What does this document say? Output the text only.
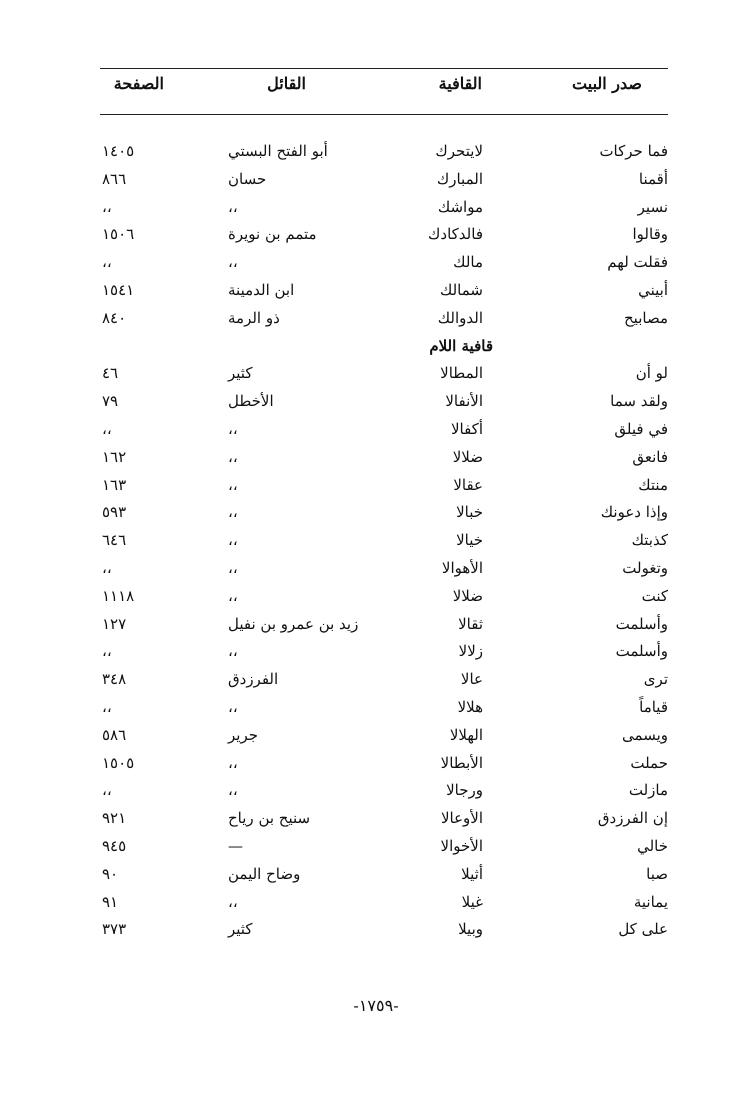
صدر البيت
القافية
القائل
الصفحة
فما حركات
لايتحرك
أبو الفتح البستي
١٤٠٥
أقمنا
المبارك
حسان
٨٦٦
نسير
مواشك
،،
،،
وقالوا
فالدكادك
متمم بن نويرة
١٥٠٦
فقلت لهم
مالك
،،
،،
أبيني
شمالك
ابن الدمينة
١٥٤١
مصابيح
الدوالك
ذو الرمة
٨٤٠
قافية اللام
لو أن
المطالا
كثير
٤٦
ولقد سما
الأنفالا
الأخطل
٧٩
في فيلق
أكفالا
،،
،،
فانعق
ضلالا
،،
١٦٢
منتك
عقالا
،،
١٦٣
وإذا دعونك
خبالا
،،
٥٩٣
كذبتك
خيالا
،،
٦٤٦
وتغولت
الأهوالا
،،
،،
كنت
ضلالا
،،
١١١٨
وأسلمت
ثقالا
زيد بن عمرو بن نفيل
١٢٧
وأسلمت
زلالا
،،
،،
ترى
عالا
الفرزدق
٣٤٨
قياماً
هلالا
،،
،،
ويسمى
الهلالا
جرير
٥٨٦
حملت
الأبطالا
،،
١٥٠٥
مازلت
ورجالا
،،
،،
إن الفرزدق
الأوعالا
سنيح بن رياح
٩٢١
خالي
الأخوالا
—
٩٤٥
صبا
أثيلا
وضاح اليمن
٩٠
يمانية
غيلا
،،
٩١
على كل
وبيلا
كثير
٣٧٣
-١٧٥٩-
